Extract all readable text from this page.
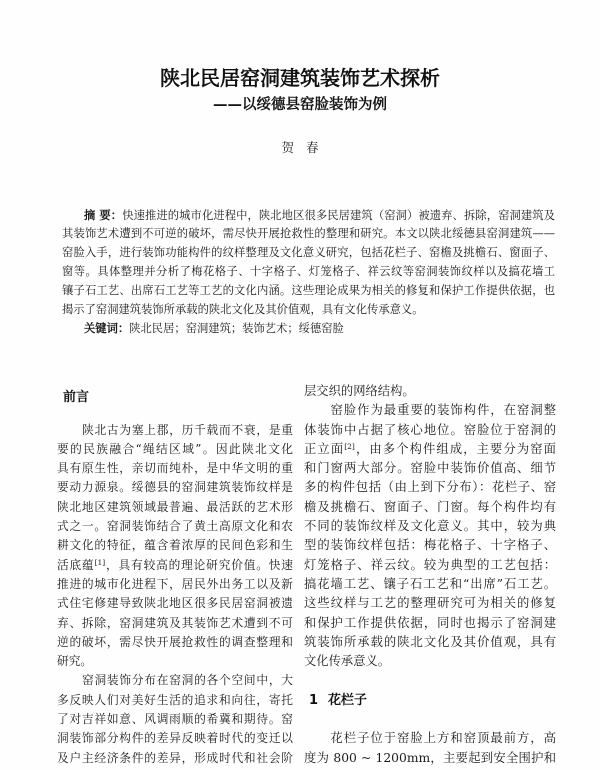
陕北民居窑洞建筑装饰艺术探析
——以绥德县窑脸装饰为例
贺 春
摘 要：快速推进的城市化进程中，陕北地区很多民居建筑（窑洞）被遗弃、拆除，窑洞建筑及
其装饰艺术遭到不可逆的破坏，需尽快开展抢救性的整理和研究。本文以陕北绥德县窑洞建筑——
窑脸入手，进行装饰功能构件的纹样整理及文化意义研究，包括花栏子、窑檐及挑檐石、窗面子、
窗等。具体整理并分析了梅花格子、十字格子、灯笼格子、祥云纹等窑洞装饰纹样以及搞花墙工
镶子石工艺、出席石工艺等工艺的文化内涵。这些理论成果为相关的修复和保护工作提供依据，也
揭示了窑洞建筑装饰所承载的陕北文化及其价值观，具有文化传承意义。
关键词：陕北民居；窑洞建筑；装饰艺术；绥德窑脸
前言
陕北古为塞上郡，历千载而不衰，是重
要的民族融合“绳结区域”。因此陕北文化
具有原生性，亲切而纯朴，是中华文明的重
要动力源泉。绥德县的窑洞建筑装饰纹样是
陕北地区建筑领域最普遍、最活跃的艺术形
式之一。窑洞装饰结合了黄土高原文化和农
耕文化的特征，蕴含着浓厚的民间色彩和生
活底蕴[1]，具有较高的理论研究价值。快速
推进的城市化进程下，居民外出务工以及新
式住宅修建导致陕北地区很多民居窑洞被遗
弃、拆除，窑洞建筑及其装饰艺术遭到不可
逆的破坏，需尽快开展抢救性的调查整理和
研究。
窑洞装饰分布在窑洞的各个空间中，大
多反映人们对美好生活的追求和向往，寄托
了对吉祥如意、风调雨顺的希冀和期待。窑
洞装饰部分构件的差异反映着时代的变迁以
及户主经济条件的差异，形成时代和社会阶
层交织的网络结构。
窑脸作为最重要的装饰构件，在窑洞整
体装饰中占据了核心地位。窑脸位于窑洞的
正立面[2]，由多个构件组成，主要分为窑面
和门窗两大部分。窑脸中装饰价值高、细节
多的构件包括（由上到下分布）：花栏子、窑
檐及挑檐石、窗面子、门窗。每个构件均有
不同的装饰纹样及文化意义。其中，较为典
型的装饰纹样包括：梅花格子、十字格子、
灯笼格子、祥云纹。较为典型的工艺包括：
搞花墙工艺、镶子石工艺和“出席”石工艺。
这些纹样与工艺的整理研究可为相关的修复
和保护工作提供依据，同时也揭示了窑洞建
筑装饰所承载的陕北文化及其价值观，具有
文化传承意义。
1 花栏子
花栏子位于窑脸上方和窑顶最前方，高
度为 800 ~ 1200mm，主要起到安全围护和
